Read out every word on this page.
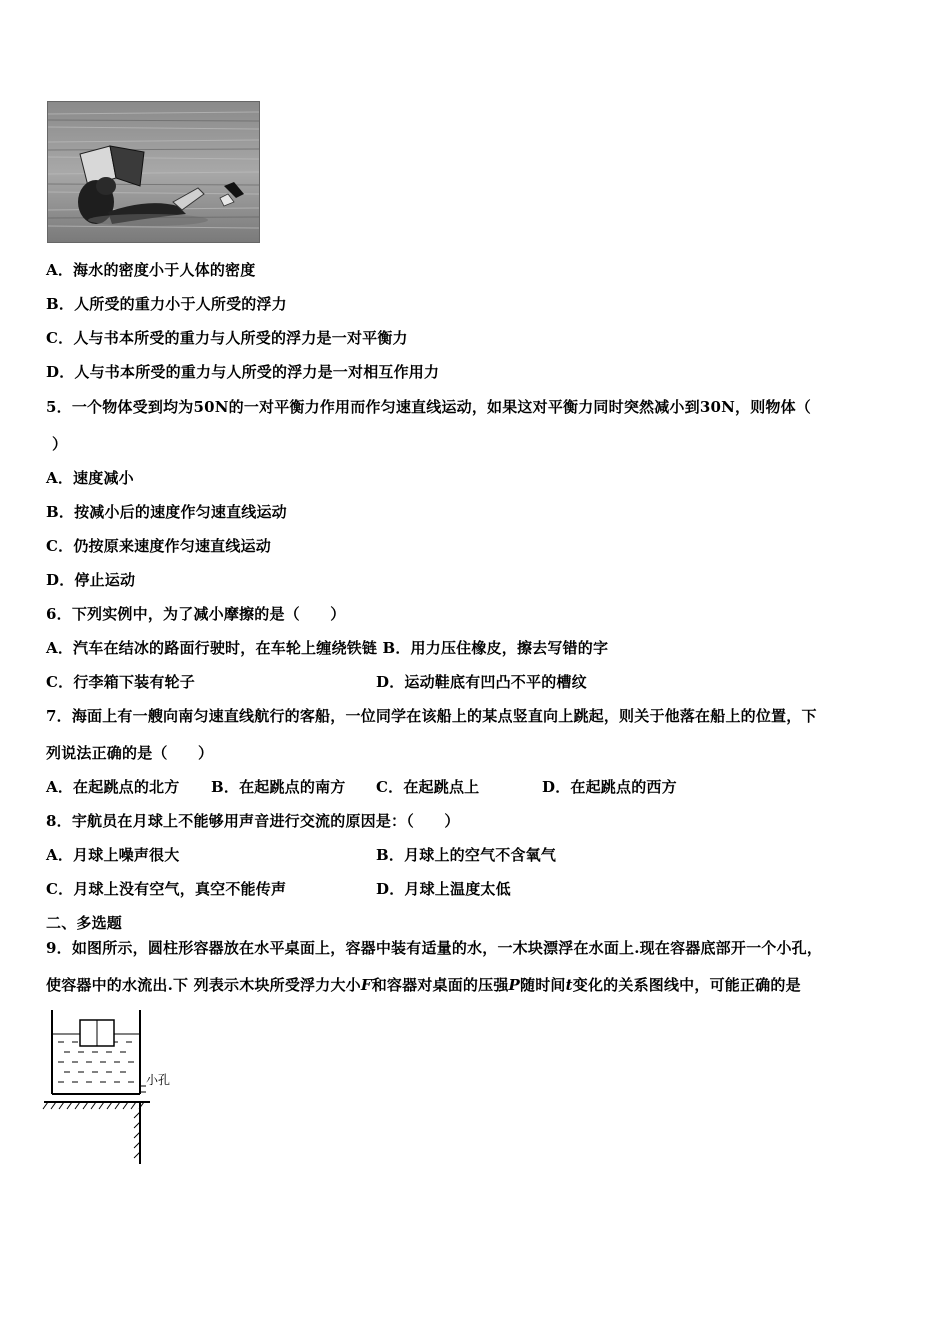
A．海水的密度小于人体的密度
B．人所受的重力小于人所受的浮力
C．人与书本所受的重力与人所受的浮力是一对平衡力
D．人与书本所受的重力与人所受的浮力是一对相互作用力
5．一个物体受到均为50N的一对平衡力作用而作匀速直线运动，如果这对平衡力同时突然减小到30N，则物体（
）
A．速度减小
B．按减小后的速度作匀速直线运动
C．仍按原来速度作匀速直线运动
D．停止运动
6．下列实例中，为了减小摩擦的是（　　）
A．汽车在结冰的路面行驶时，在车轮上缠绕铁链 B．用力压住橡皮，擦去写错的字
C．行李箱下装有轮子	D．运动鞋底有凹凸不平的槽纹
7．海面上有一艘向南匀速直线航行的客船，一位同学在该船上的某点竖直向上跳起，则关于他落在船上的位置，下
列说法正确的是（　　）
A．在起跳点的北方 B．在起跳点的南方 C．在起跳点上	D．在起跳点的西方
8．宇航员在月球上不能够用声音进行交流的原因是：（　　）
A．月球上噪声很大	B．月球上的空气不含氧气
C．月球上没有空气，真空不能传声	D．月球上温度太低
二、多选题
9．如图所示，圆柱形容器放在水平桌面上，容器中装有适量的水，一木块漂浮在水面上.现在容器底部开一个小孔，
使容器中的水流出.下 列表示木块所受浮力大小F和容器对桌面的压强P随时间t变化的关系图线中，可能正确的是
小孔
